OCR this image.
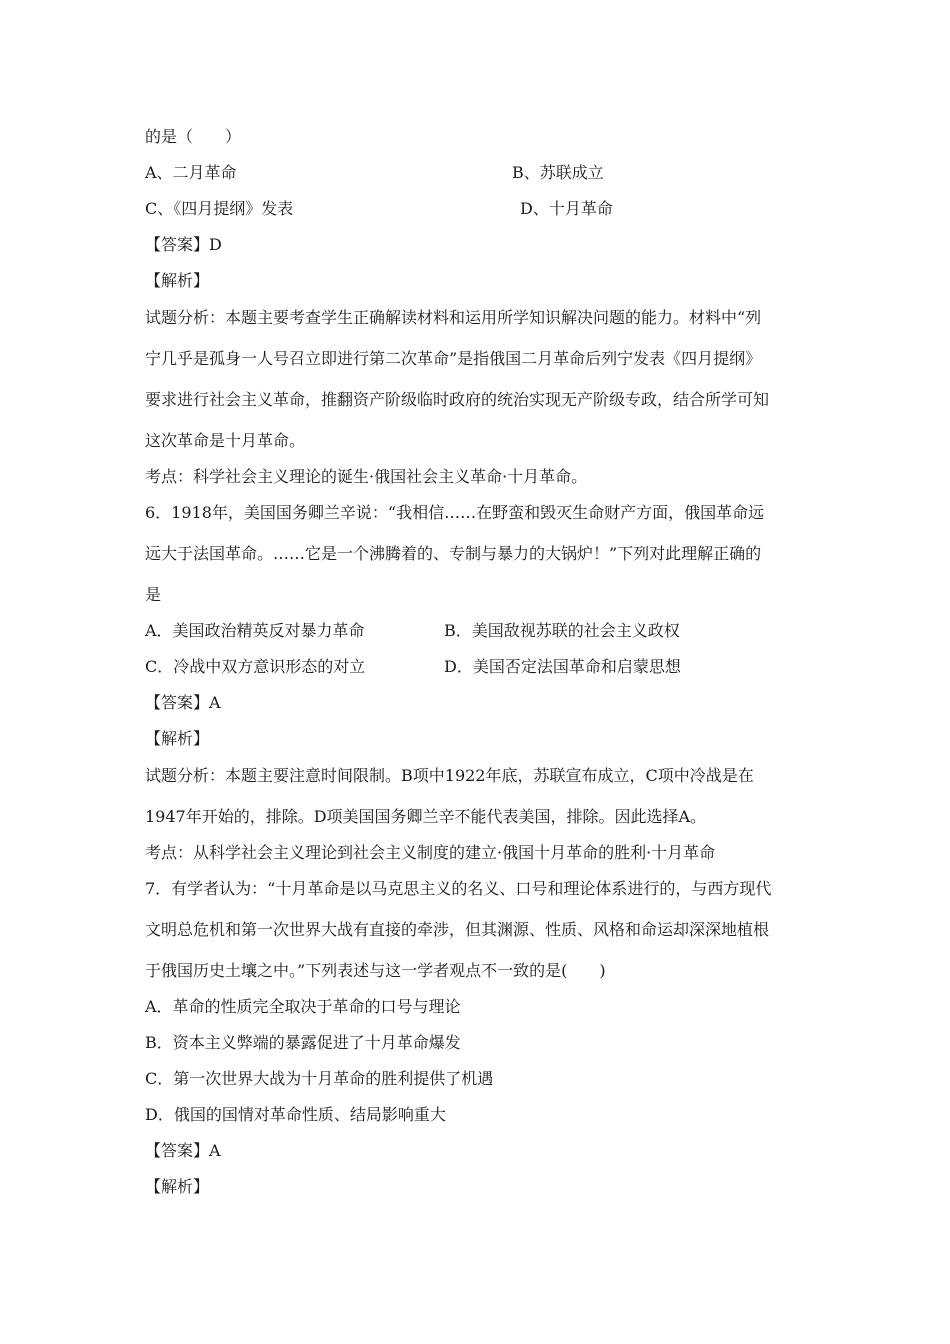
的是（　　）
A、二月革命	B、苏联成立
C、《四月提纲》发表	D、十月革命
【答案】D
【解析】
试题分析：本题主要考查学生正确解读材料和运用所学知识解决问题的能力。材料中“列
宁几乎是孤身一人号召立即进行第二次革命”是指俄国二月革命后列宁发表《四月提纲》
要求进行社会主义革命，推翻资产阶级临时政府的统治实现无产阶级专政，结合所学可知
这次革命是十月革命。
考点：科学社会主义理论的诞生·俄国社会主义革命·十月革命。
6．1918年，美国国务卿兰辛说：“我相信……在野蛮和毁灭生命财产方面，俄国革命远
远大于法国革命。……它是一个沸腾着的、专制与暴力的大锅炉！”下列对此理解正确的
是
A．美国政治精英反对暴力革命	B．美国敌视苏联的社会主义政权
C．冷战中双方意识形态的对立	D．美国否定法国革命和启蒙思想
【答案】A
【解析】
试题分析：本题主要注意时间限制。B项中1922年底，苏联宣布成立，C项中冷战是在
1947年开始的，排除。D项美国国务卿兰辛不能代表美国，排除。因此选择A。
考点：从科学社会主义理论到社会主义制度的建立·俄国十月革命的胜利·十月革命
7．有学者认为：“十月革命是以马克思主义的名义、口号和理论体系进行的，与西方现代
文明总危机和第一次世界大战有直接的牵涉，但其渊源、性质、风格和命运却深深地植根
于俄国历史土壤之中。”下列表述与这一学者观点不一致的是(　　)
A．革命的性质完全取决于革命的口号与理论
B．资本主义弊端的暴露促进了十月革命爆发
C．第一次世界大战为十月革命的胜利提供了机遇
D．俄国的国情对革命性质、结局影响重大
【答案】A
【解析】
